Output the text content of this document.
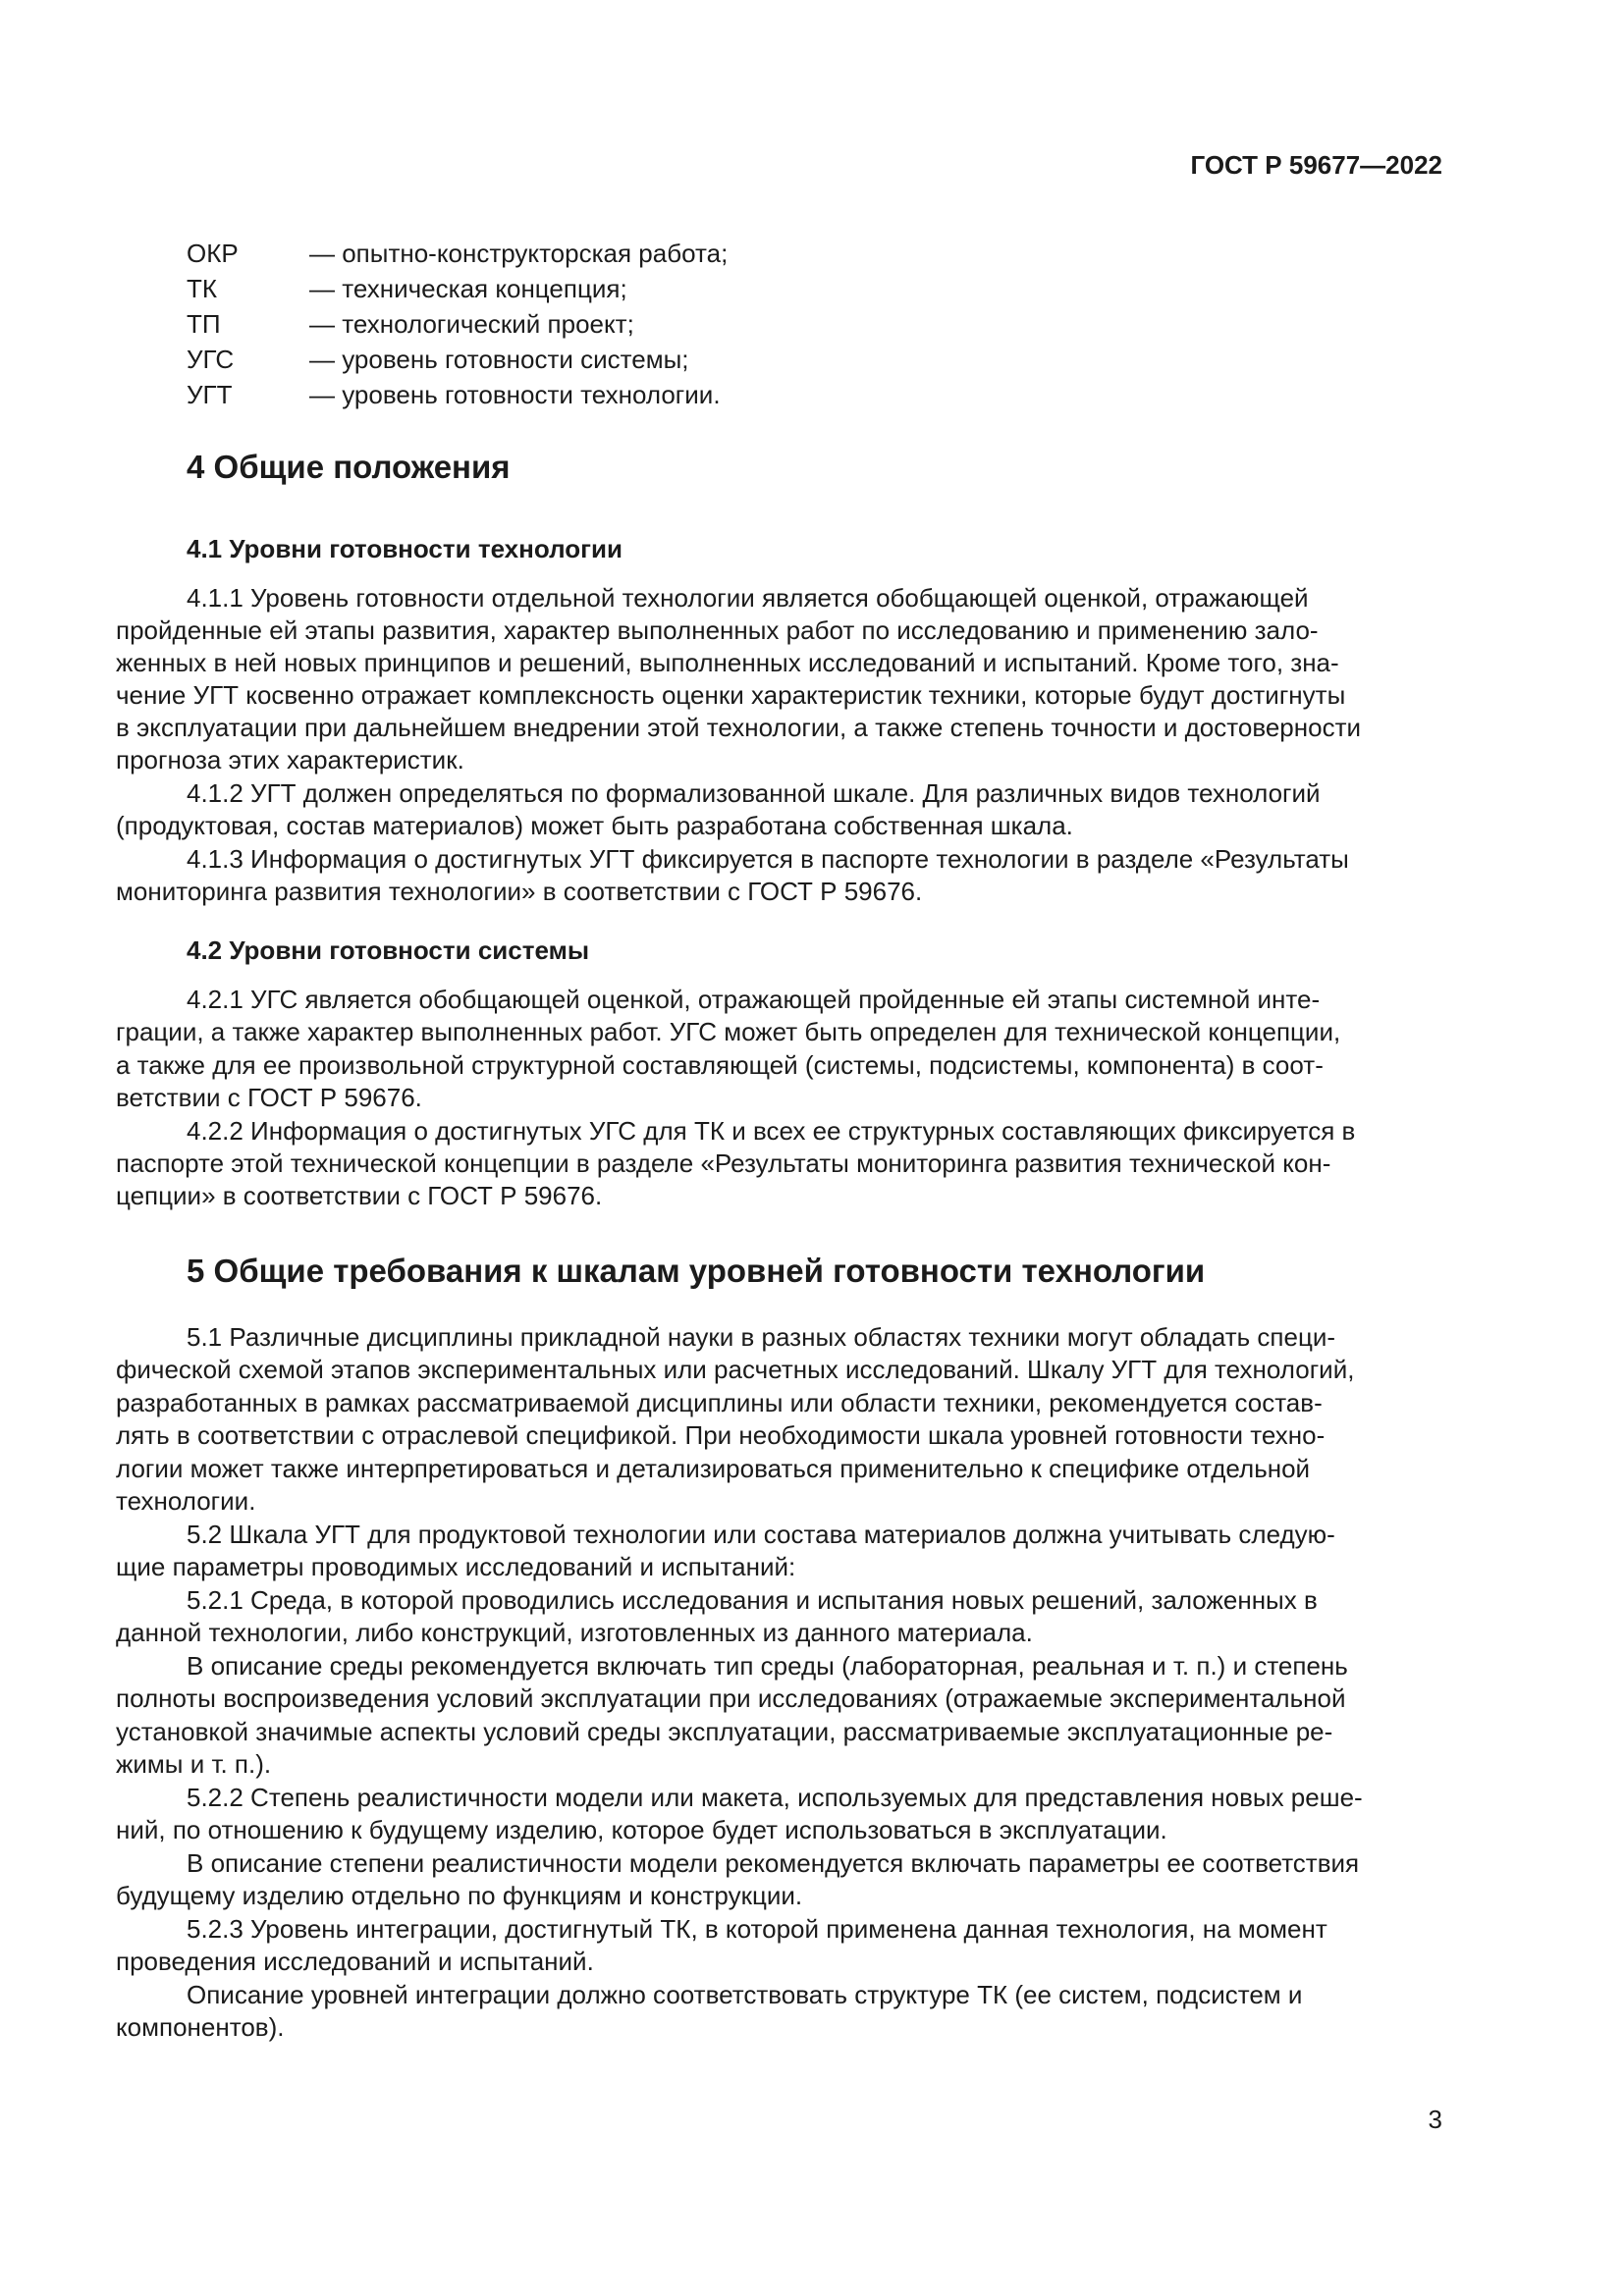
ГОСТ Р 59677—2022
ОКР	— опытно-конструкторская работа;
ТК	— техническая концепция;
ТП	— технологический проект;
УГС	— уровень готовности системы;
УГТ	— уровень готовности технологии.
4 Общие положения
4.1 Уровни готовности технологии
4.1.1 Уровень готовности отдельной технологии является обобщающей оценкой, отражающей
пройденные ей этапы развития, характер выполненных работ по исследованию и применению зало-
женных в ней новых принципов и решений, выполненных исследований и испытаний. Кроме того, зна-
чение УГТ косвенно отражает комплексность оценки характеристик техники, которые будут достигнуты
в эксплуатации при дальнейшем внедрении этой технологии, а также степень точности и достоверности
прогноза этих характеристик.
4.1.2 УГТ должен определяться по формализованной шкале. Для различных видов технологий
(продуктовая, состав материалов) может быть разработана собственная шкала.
4.1.3 Информация о достигнутых УГТ фиксируется в паспорте технологии в разделе «Результаты
мониторинга развития технологии» в соответствии с ГОСТ Р 59676.
4.2 Уровни готовности системы
4.2.1 УГС является обобщающей оценкой, отражающей пройденные ей этапы системной инте-
грации, а также характер выполненных работ. УГС может быть определен для технической концепции,
а также для ее произвольной структурной составляющей (системы, подсистемы, компонента) в соот-
ветствии с ГОСТ Р 59676.
4.2.2 Информация о достигнутых УГС для ТК и всех ее структурных составляющих фиксируется в
паспорте этой технической концепции в разделе «Результаты мониторинга развития технической кон-
цепции» в соответствии с ГОСТ Р 59676.
5 Общие требования к шкалам уровней готовности технологии
5.1 Различные дисциплины прикладной науки в разных областях техники могут обладать специ-
фической схемой этапов экспериментальных или расчетных исследований. Шкалу УГТ для технологий,
разработанных в рамках рассматриваемой дисциплины или области техники, рекомендуется состав-
лять в соответствии с отраслевой спецификой. При необходимости шкала уровней готовности техно-
логии может также интерпретироваться и детализироваться применительно к специфике отдельной
технологии.
5.2 Шкала УГТ для продуктовой технологии или состава материалов должна учитывать следую-
щие параметры проводимых исследований и испытаний:
5.2.1 Среда, в которой проводились исследования и испытания новых решений, заложенных в
данной технологии, либо конструкций, изготовленных из данного материала.
В описание среды рекомендуется включать тип среды (лабораторная, реальная и т. п.) и степень
полноты воспроизведения условий эксплуатации при исследованиях (отражаемые экспериментальной
установкой значимые аспекты условий среды эксплуатации, рассматриваемые эксплуатационные ре-
жимы и т. п.).
5.2.2 Степень реалистичности модели или макета, используемых для представления новых реше-
ний, по отношению к будущему изделию, которое будет использоваться в эксплуатации.
В описание степени реалистичности модели рекомендуется включать параметры ее соответствия
будущему изделию отдельно по функциям и конструкции.
5.2.3 Уровень интеграции, достигнутый ТК, в которой применена данная технология, на момент
проведения исследований и испытаний.
Описание уровней интеграции должно соответствовать структуре ТК (ее систем, подсистем и
компонентов).
3
